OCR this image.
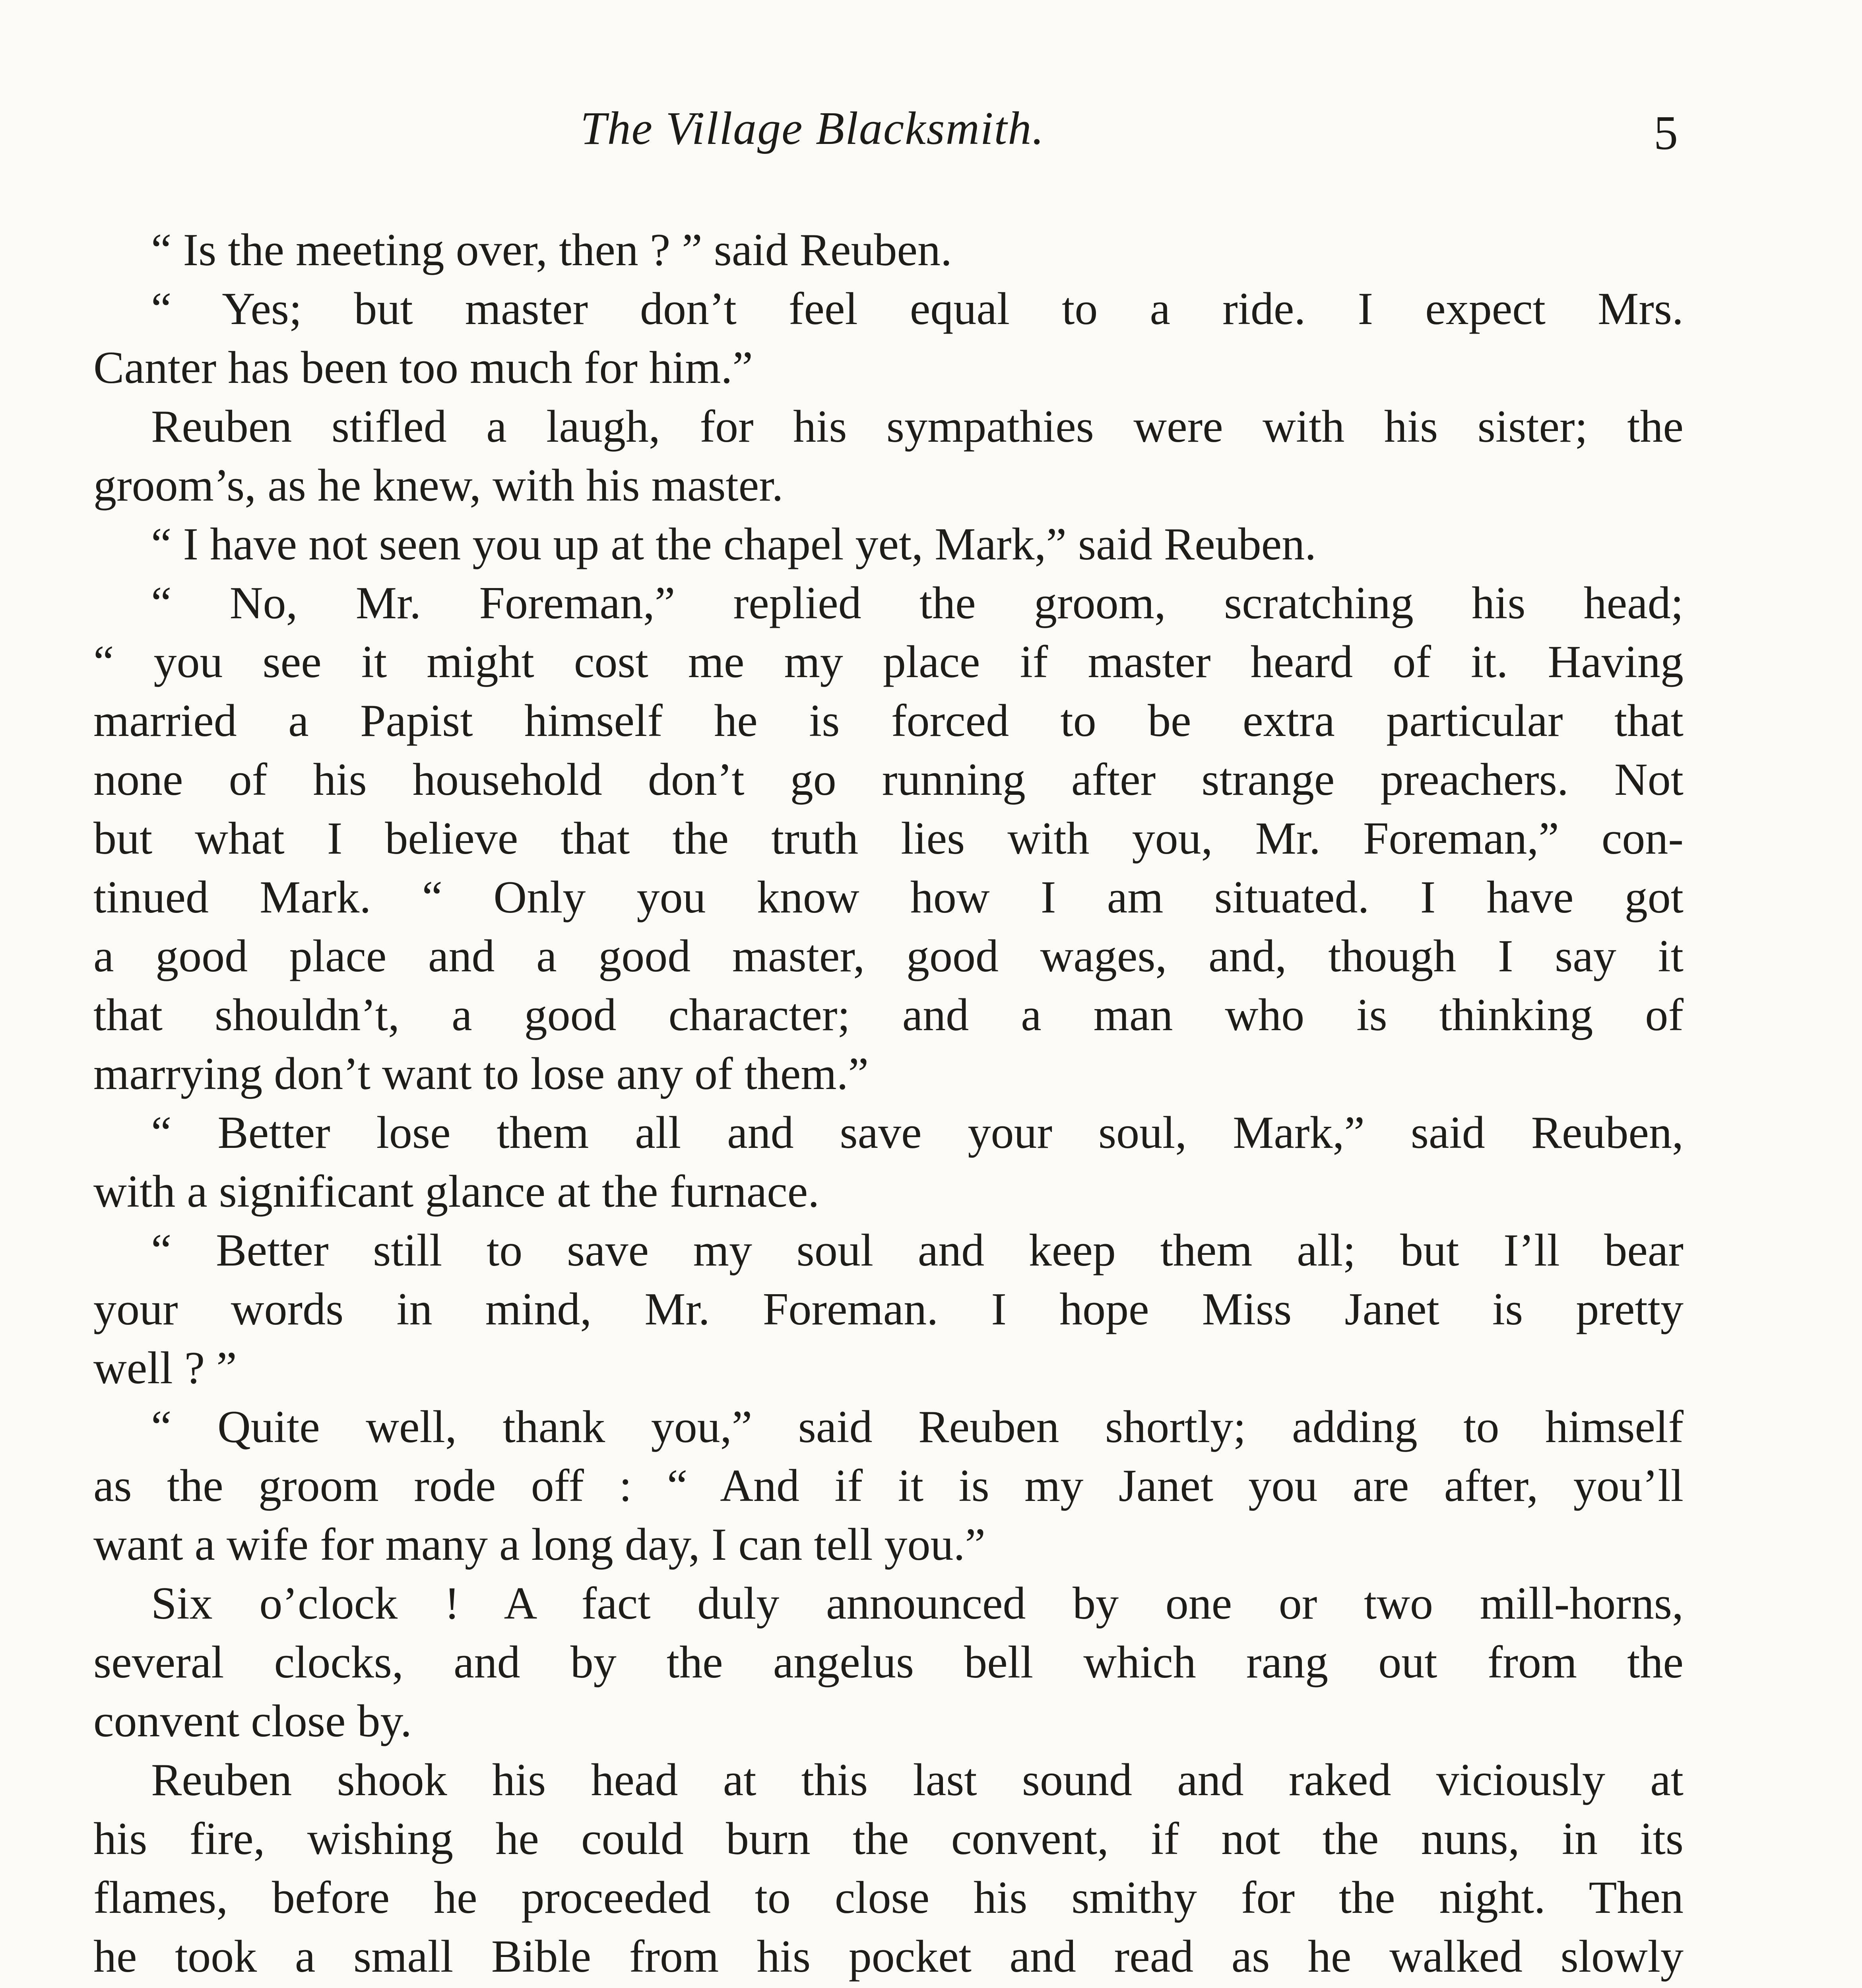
The Village Blacksmith.	5
“ Is the meeting over, then ? ” said Reuben.
“ Yes; but master don’t feel equal to a ride. I expect Mrs.
Canter has been too much for him.”
Reuben stifled a laugh, for his sympathies were with his sister; the
groom’s, as he knew, with his master.
“ I have not seen you up at the chapel yet, Mark,” said Reuben.
“ No, Mr. Foreman,” replied the groom, scratching his head;
“ you see it might cost me my place if master heard of it. Having
married a Papist himself he is forced to be extra particular that
none of his household don’t go running after strange preachers. Not
but what I believe that the truth lies with you, Mr. Foreman,” con-
tinued Mark. “ Only you know how I am situated. I have got
a good place and a good master, good wages, and, though I say it
that shouldn’t, a good character; and a man who is thinking of
marrying don’t want to lose any of them.”
“ Better lose them all and save your soul, Mark,” said Reuben,
with a significant glance at the furnace.
“ Better still to save my soul and keep them all; but I’ll bear
your words in mind, Mr. Foreman. I hope Miss Janet is pretty
well ? ”
“ Quite well, thank you,” said Reuben shortly; adding to himself
as the groom rode off : “ And if it is my Janet you are after, you’ll
want a wife for many a long day, I can tell you.”
Six o’clock ! A fact duly announced by one or two mill-horns,
several clocks, and by the angelus bell which rang out from the
convent close by.
Reuben shook his head at this last sound and raked viciously at
his fire, wishing he could burn the convent, if not the nuns, in its
flames, before he proceeded to close his smithy for the night. Then
he took a small Bible from his pocket and read as he walked slowly
